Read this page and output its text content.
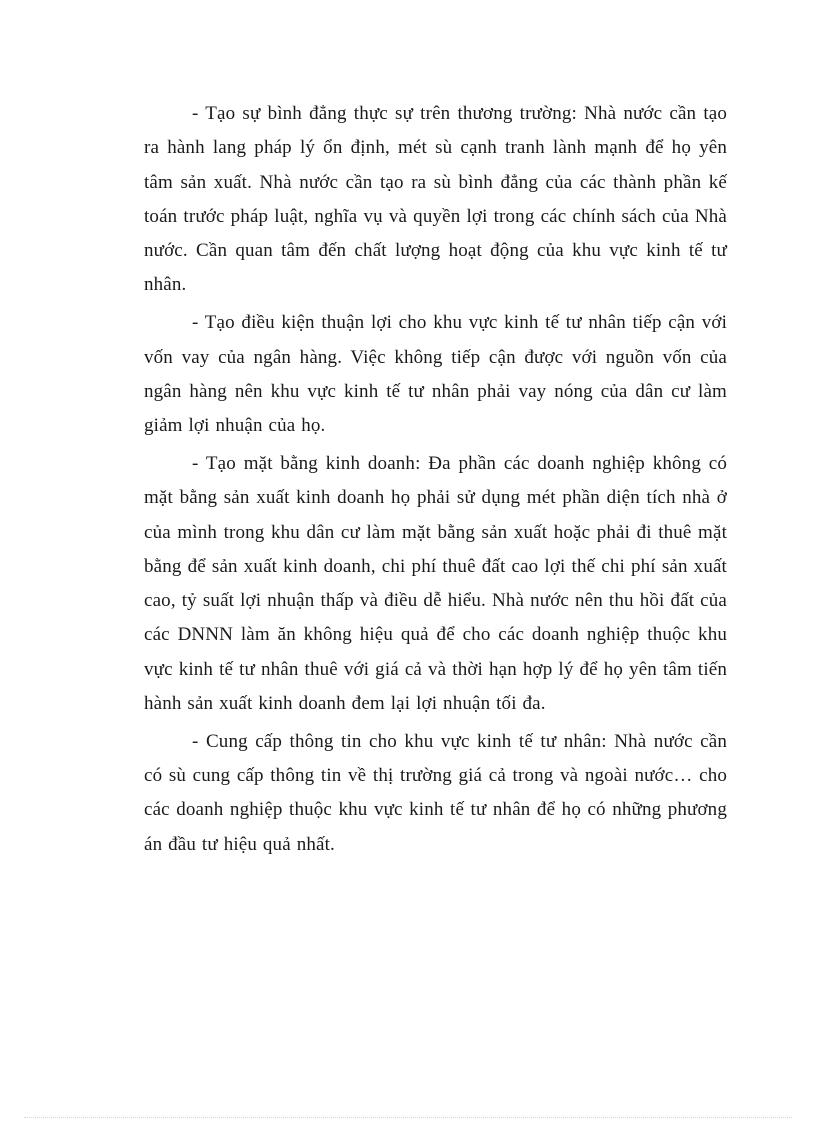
- Tạo sự bình đẳng thực sự trên thương trường: Nhà nước cần tạo ra hành lang pháp lý ổn định, mét sù cạnh tranh lành mạnh để họ yên tâm sản xuất. Nhà nước cần tạo ra sù bình đẳng của các thành phần kế toán trước pháp luật, nghĩa vụ và quyền lợi trong các chính sách của Nhà nước. Cần quan tâm đến chất lượng hoạt động của khu vực kinh tế tư nhân.

- Tạo điều kiện thuận lợi cho khu vực kinh tế tư nhân tiếp cận với vốn vay của ngân hàng. Việc không tiếp cận được với nguồn vốn của ngân hàng nên khu vực kinh tế tư nhân phải vay nóng của dân cư làm giảm lợi nhuận của họ.

- Tạo mặt bằng kinh doanh: Đa phần các doanh nghiệp không có mặt bằng sản xuất kinh doanh họ phải sử dụng mét phần diện tích nhà ở của mình trong khu dân cư làm mặt bằng sản xuất hoặc phải đi thuê mặt bằng để sản xuất kinh doanh, chi phí thuê đất cao lợi thế chi phí sản xuất cao, tỷ suất lợi nhuận thấp và điều dễ hiểu. Nhà nước nên thu hồi đất của các DNNN làm ăn không hiệu quả để cho các doanh nghiệp thuộc khu vực kinh tế tư nhân thuê với giá cả và thời hạn hợp lý để họ yên tâm tiến hành sản xuất kinh doanh đem lại lợi nhuận tối đa.

- Cung cấp thông tin cho khu vực kinh tế tư nhân: Nhà nước cần có sù cung cấp thông tin về thị trường giá cả trong và ngoài nước… cho các doanh nghiệp thuộc khu vực kinh tế tư nhân để họ có những phương án đầu tư hiệu quả nhất.
